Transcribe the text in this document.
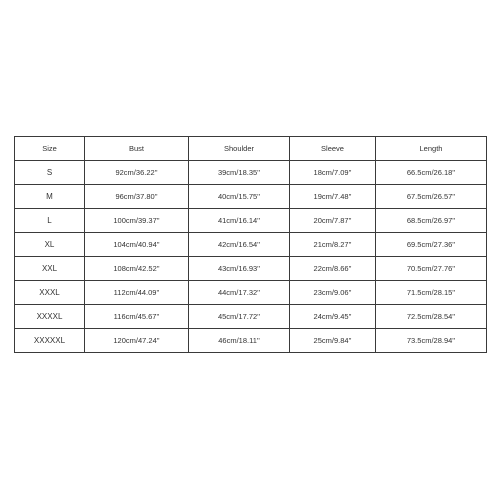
Size	Bust	Shoulder	Sleeve	Length
S	92cm/36.22''	39cm/18.35''	18cm/7.09''	66.5cm/26.18''
M	96cm/37.80''	40cm/15.75''	19cm/7.48''	67.5cm/26.57''
L	100cm/39.37''	41cm/16.14''	20cm/7.87''	68.5cm/26.97''
XL	104cm/40.94''	42cm/16.54''	21cm/8.27''	69.5cm/27.36''
XXL	108cm/42.52''	43cm/16.93''	22cm/8.66''	70.5cm/27.76''
XXXL	112cm/44.09''	44cm/17.32''	23cm/9.06''	71.5cm/28.15''
XXXXL	116cm/45.67''	45cm/17.72''	24cm/9.45''	72.5cm/28.54''
XXXXXL	120cm/47.24''	46cm/18.11''	25cm/9.84''	73.5cm/28.94''
